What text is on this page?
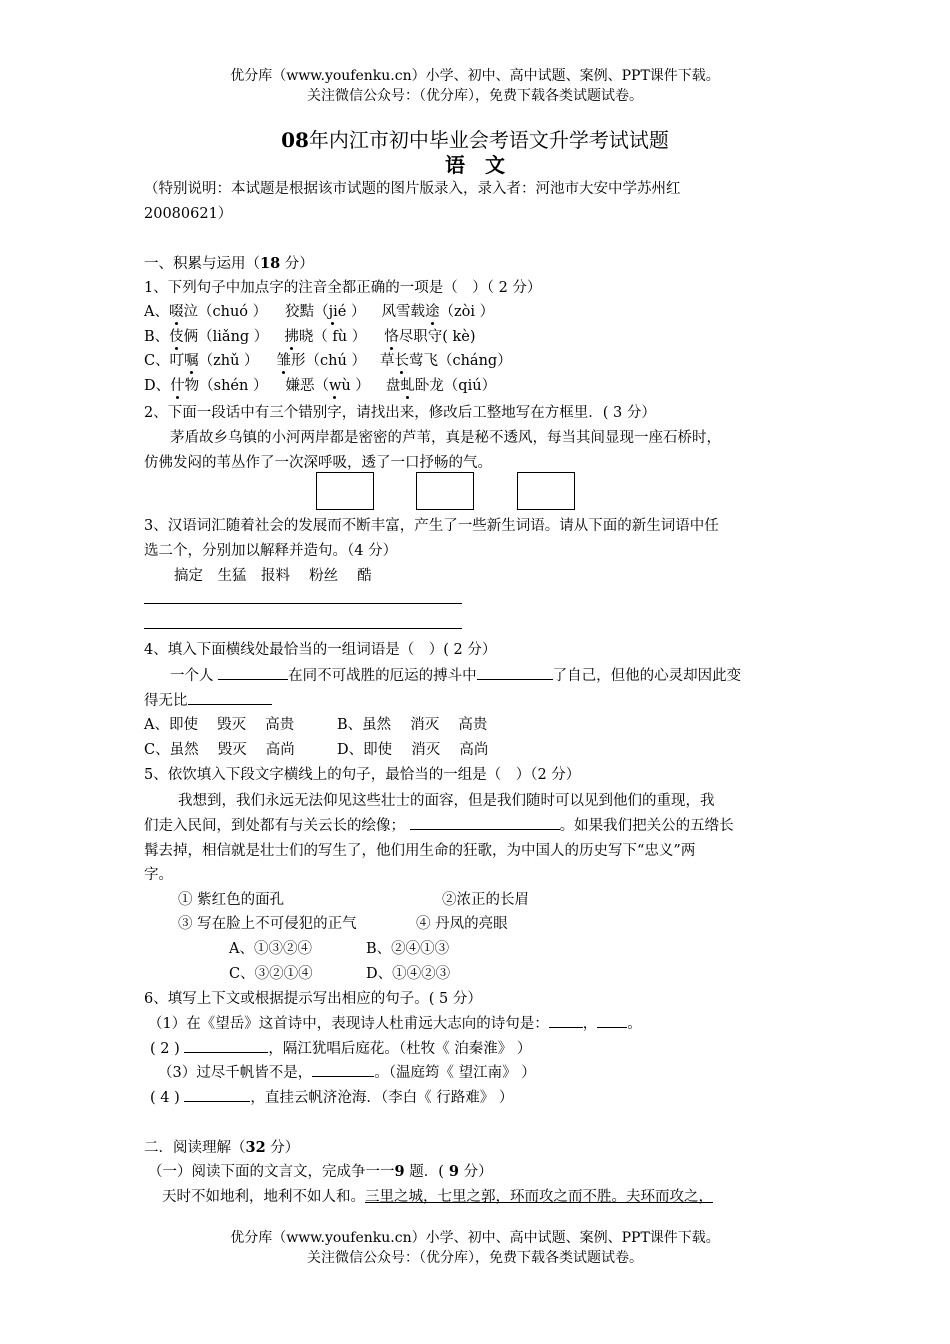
优分库（www.youfenku.cn）小学、初中、高中试题、案例、PPT课件下载。
关注微信公众号：（优分库），免费下载各类试题试卷。
08年内江市初中毕业会考语文升学考试试题
语　文
（特别说明：本试题是根据该市试题的图片版录入，录入者：河池市大安中学苏州红
20080621）
一、积累与运用（18 分）
1、下列句子中加点字的注音全都正确的一项是（　）（ 2 分）
A、啜泣（chuó ） 狡黠（jié ） 风雪载途（zòi ）
B、伎俩（liǎng ） 拂晓（ fù ） 恪尽职守( kè)
C、叮嘱（zhǔ ） 雏形（chú ） 草长莺飞（cháng）
D、什物（shén ） 嫌恶（wù ） 盘虬卧龙（qiú）
2、下面一段话中有三个错别字，请找出来，修改后工整地写在方框里．( 3 分）
茅盾故乡乌镇的小河两岸都是密密的芦苇，真是秘不透风，每当其间显现一座石桥时，
仿佛发闷的苇丛作了一次深呼吸，透了一口抒畅的气。
3、汉语词汇随着社会的发展而不断丰富，产生了一些新生词语。请从下面的新生词语中任
选二个，分别加以解释并造句。（4 分）
搞定　生猛　报料　 粉丝　 酷
4、填入下面横线处最恰当的一组词语是（　）( 2 分）
一个人	在同不可战胜的厄运的搏斗中	了自己，但他的心灵却因此变
得无比
A、即使　 毁灭　 高贵	B、虽然　 消灭　 高贵
C、虽然　 毁灭　 高尚	D、即使　 消灭　 高尚
5、依饮填入下段文字横线上的句子，最恰当的一组是（　）（2 分）
我想到，我们永远无法仰见这些壮士的面容，但是我们随时可以见到他们的重现，我
们走入民间，到处都有与关云长的绘像；	。如果我们把关公的五绺长
髯去掉，相信就是壮士们的写生了，他们用生命的狂歌，为中国人的历史写下“忠义”两
字。
① 紫红色的面孔	②浓正的长眉
③ 写在脸上不可侵犯的正气	④ 丹凤的亮眼
A、①③②④	B、②④①③
C、③②①④	D、①④②③
6、填写上下文或根据提示写出相应的句子。( 5 分）
（1）在《望岳》这首诗中，表现诗人杜甫远大志向的诗句是： ， 。
( 2 )	，隔江犹唱后庭花。（杜牧《 泊秦淮》 ）
（3）过尽千帆皆不是，	。（温庭筠《 望江南》 ）
( 4 )	，直挂云帆济沧海．（李白《 行路难》 ）
二．阅读理解（32 分）
（一）阅读下面的文言文，完成争一一9 题．( 9 分）
天时不如地利，地利不如人和。三里之城，七里之郭，环而攻之而不胜。夫环而攻之，
优分库（www.youfenku.cn）小学、初中、高中试题、案例、PPT课件下载。
关注微信公众号：（优分库），免费下载各类试题试卷。
